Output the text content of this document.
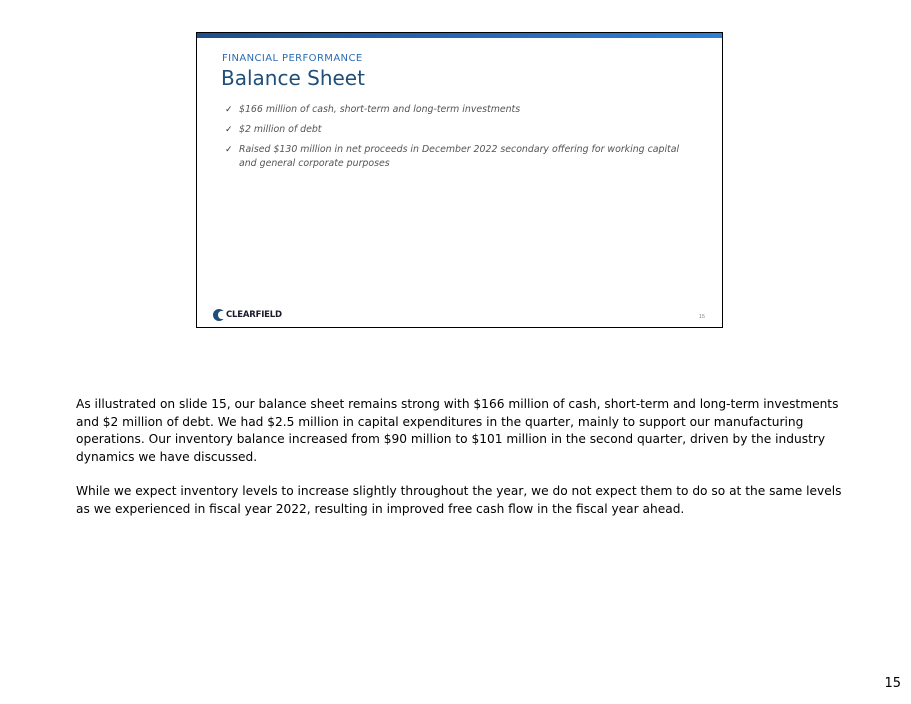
FINANCIAL PERFORMANCE
Balance Sheet
✓ $166 million of cash, short-term and long-term investments
✓ $2 million of debt
✓ Raised $130 million in net proceeds in December 2022 secondary offering for working capital and general corporate purposes
CLEARFIELD	15

As illustrated on slide 15, our balance sheet remains strong with $166 million of cash, short-term and long-term investments and $2 million of debt. We had $2.5 million in capital expenditures in the quarter, mainly to support our manufacturing operations. Our inventory balance increased from $90 million to $101 million in the second quarter, driven by the industry dynamics we have discussed.

While we expect inventory levels to increase slightly throughout the year, we do not expect them to do so at the same levels as we experienced in fiscal year 2022, resulting in improved free cash flow in the fiscal year ahead.

15
